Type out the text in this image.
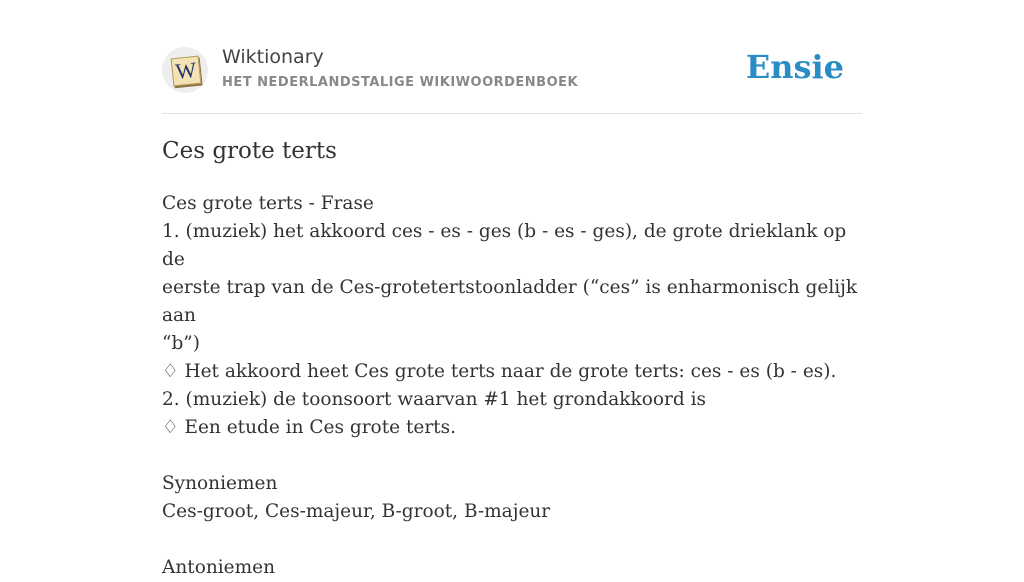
W Wiktionary
HET NEDERLANDSTALIGE WIKIWOORDENBOEK	Ensie
Ces grote terts
Ces grote terts - Frase
1. (muziek) het akkoord ces - es - ges (b - es - ges), de grote drieklank op de
eerste trap van de Ces-grotetertstoonladder (“ces” is enharmonisch gelijk aan
“b”)
♢ Het akkoord heet Ces grote terts naar de grote terts: ces - es (b - es).
2. (muziek) de toonsoort waarvan #1 het grondakkoord is
♢ Een etude in Ces grote terts.
Synoniemen
Ces-groot, Ces-majeur, B-groot, B-majeur
Antoniemen
